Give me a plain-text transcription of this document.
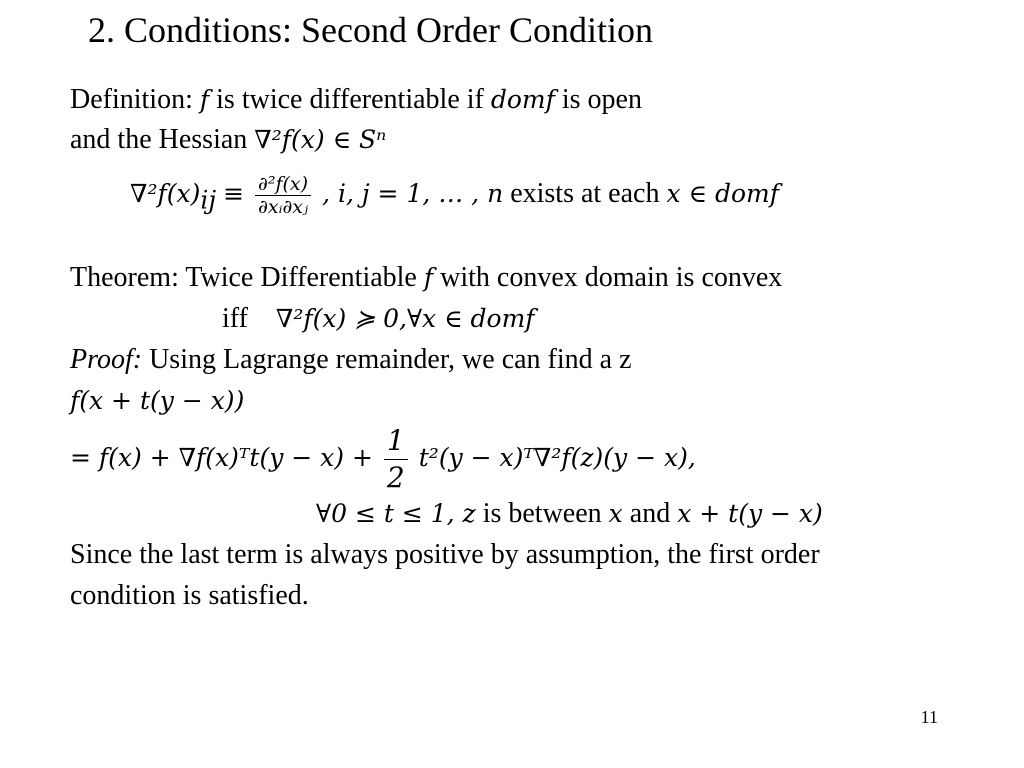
2. Conditions: Second Order Condition
Definition: f is twice differentiable if domf is open
and the Hessian ∇²f(x) ∈ Sⁿ
$\nabla^2f(x)_{ij} \equiv \frac{\text{∂²f(x)}}{\text{∂xᵢ∂xⱼ}}$ , i, j = 1, … , n exists at each x ∈ domf
Theorem: Twice Differentiable f with convex domain is convex
iff ∇²f(x) ≽ 0,∀x ∈ domf
Proof: Using Lagrange remainder, we can find a z
f(x + t(y − x))
= f(x) + ∇f(x)ᵀt(y − $x) + \frac{1}{2} t^2(y$ − x)ᵀ∇²f(z)(y − x),
∀0 ≤ t ≤ 1, z is between x and x + t(y − x)
Since the last term is always positive by assumption, the first order
condition is satisfied.
11
